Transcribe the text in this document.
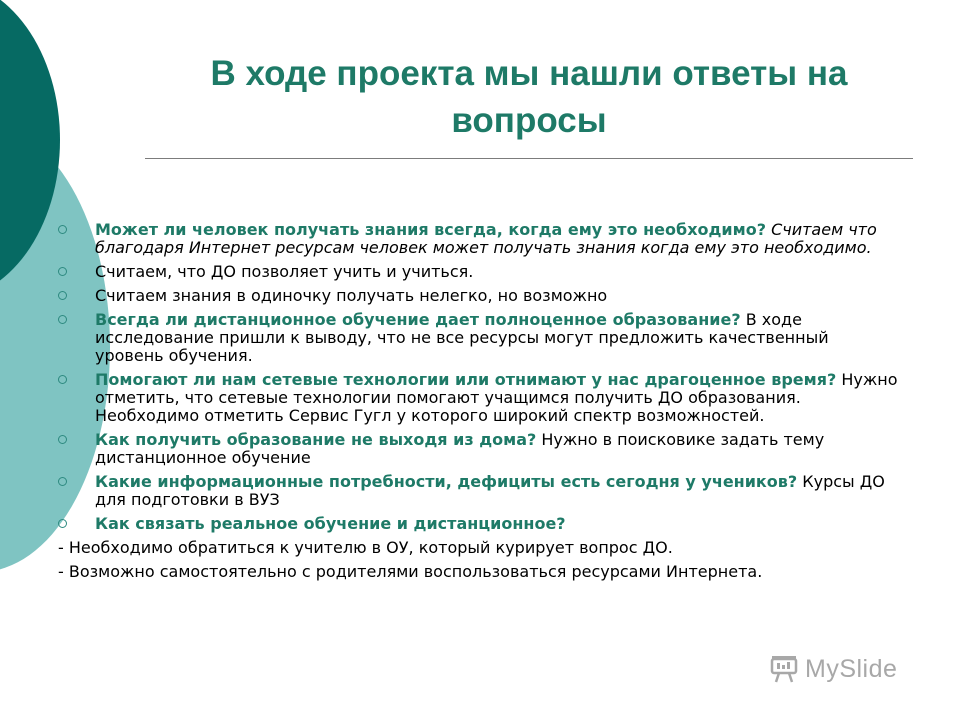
В ходе проекта мы нашли ответы на вопросы
Может ли человек получать знания всегда, когда ему это необходимо? Считаем что благодаря Интернет ресурсам человек может получать знания когда ему это необходимо.
Считаем, что ДО позволяет учить и учиться.
Считаем знания в одиночку получать нелегко, но возможно
Всегда ли дистанционное обучение дает полноценное образование? В ходе исследование пришли к выводу, что не все ресурсы могут предложить качественный уровень обучения.
Помогают ли нам сетевые технологии или отнимают у нас драгоценное время? Нужно отметить, что сетевые технологии помогают учащимся получить ДО образования. Необходимо отметить Сервис Гугл у которого широкий спектр возможностей.
Как получить образование не выходя из дома? Нужно в поисковике задать тему дистанционное обучение
Какие информационные потребности, дефициты есть сегодня у учеников? Курсы ДО для подготовки в ВУЗ
Как связать реальное обучение и дистанционное?
- Необходимо обратиться к учителю в ОУ, который курирует вопрос ДО.
- Возможно самостоятельно с родителями воспользоваться ресурсами Интернета.
MySlide
